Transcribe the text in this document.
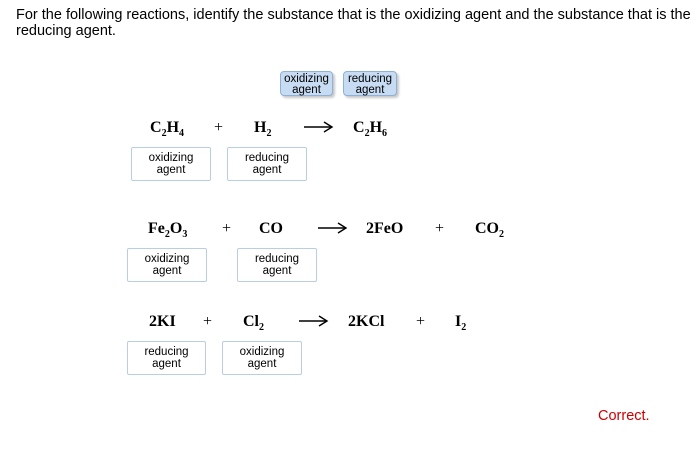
For the following reactions, identify the substance that is the oxidizing agent and the substance that is the reducing agent.
oxidizing
agent
reducing
agent
$C_2H_4 + H_2 \to C_2H_6$
oxidizing
agent
reducing
agent
$Fe_2O_3$ + CO → $2FeO + CO_2$
oxidizing
agent
reducing
agent
$2KI + Cl_2 \to 2KCl + I_2$
reducing
agent
oxidizing
agent
Correct.
